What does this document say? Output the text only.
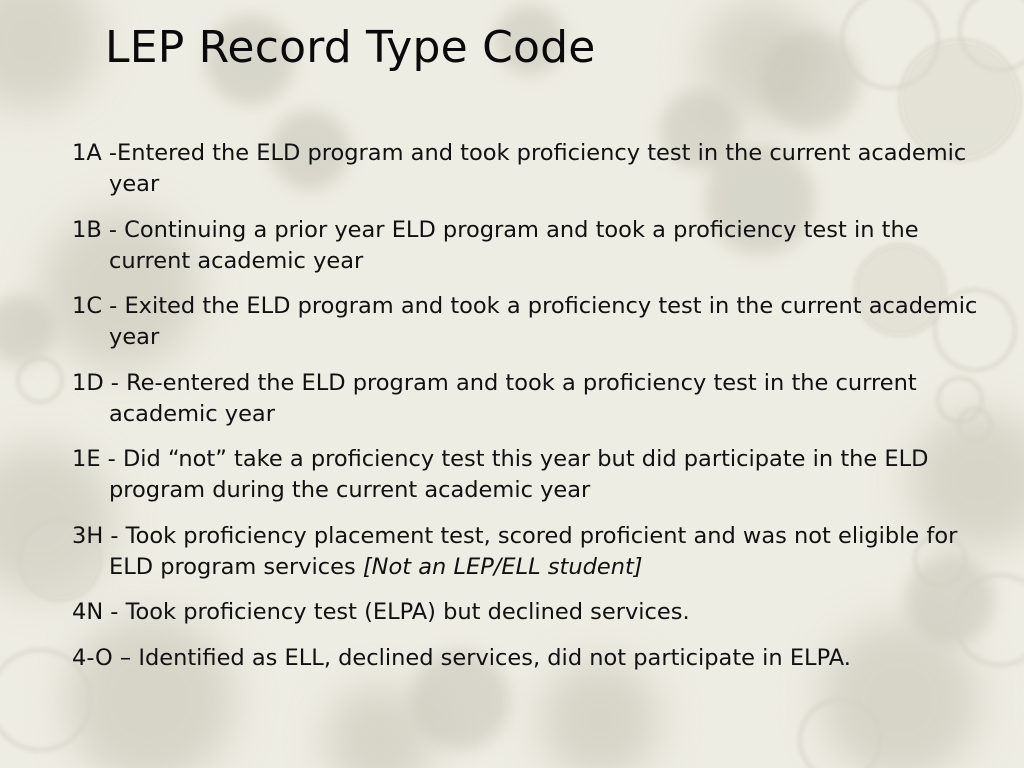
LEP Record Type Code
1A -Entered the ELD program and took proficiency test in the current academic year
1B - Continuing a prior year ELD program and took a proficiency test in the current academic year
1C - Exited the ELD program and took a proficiency test in the current academic year
1D - Re-entered the ELD program and took a proficiency test in the current academic year
1E - Did “not” take a proficiency test this year but did participate in the ELD program during the current academic year
3H - Took proficiency placement test, scored proficient and was not eligible for ELD program services [Not an LEP/ELL student]
4N - Took proficiency test (ELPA) but declined services.
4-O – Identified as ELL, declined services, did not participate in ELPA.
